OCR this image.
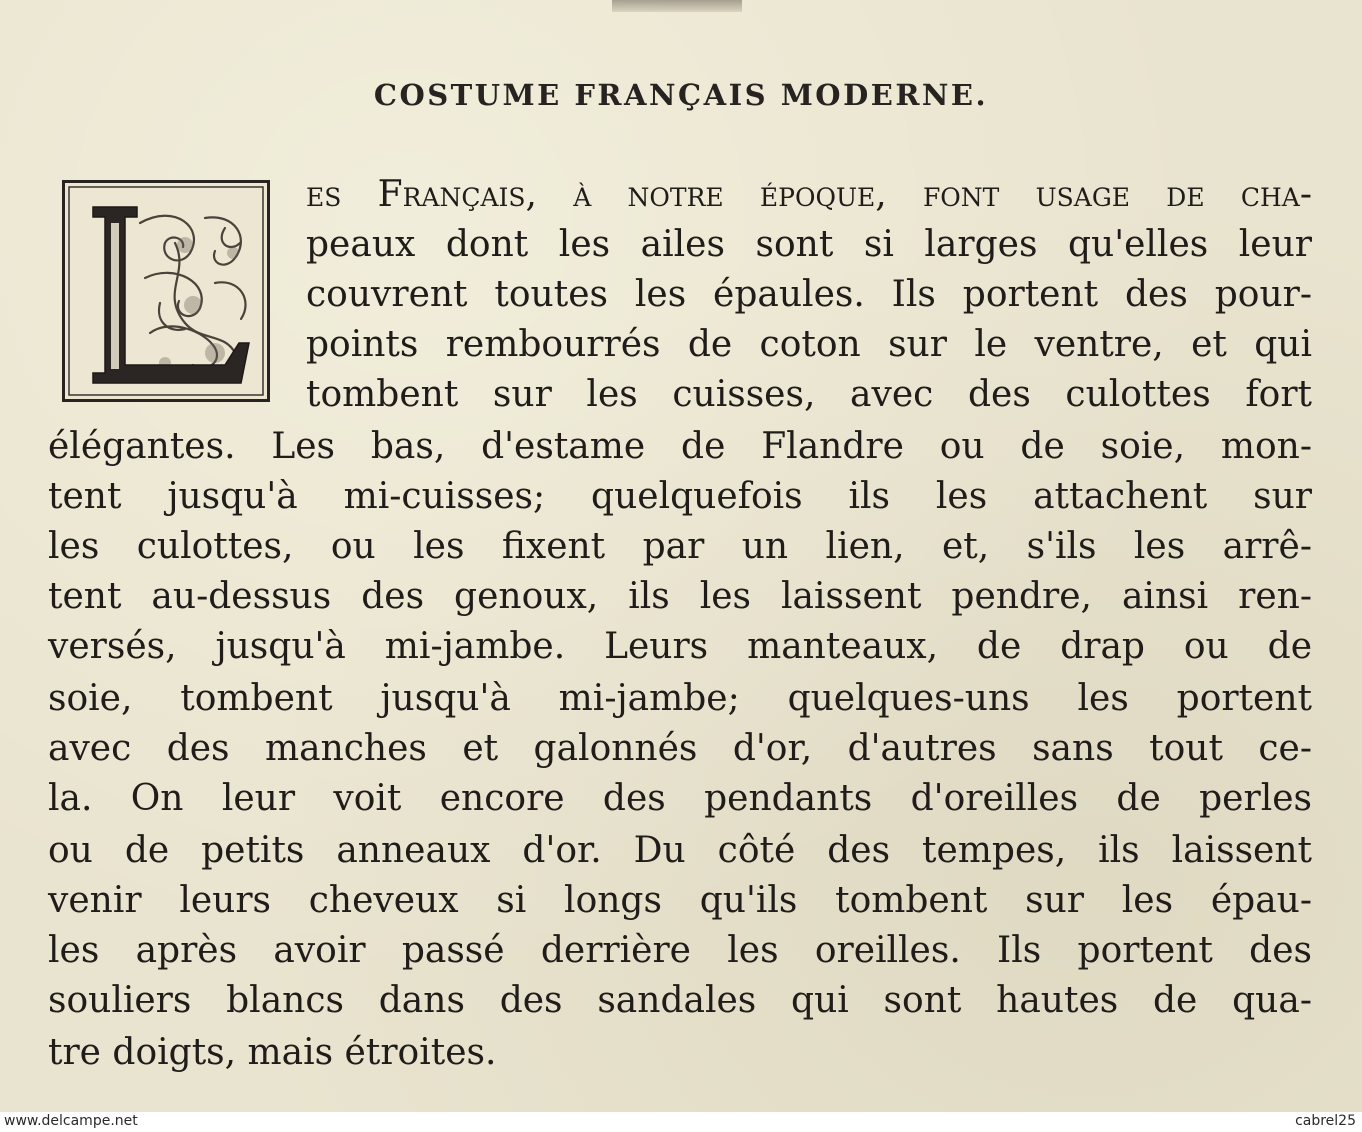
COSTUME FRANÇAIS MODERNE.
es Français, à notre époque, font usage de cha-
peaux dont les ailes sont si larges qu'elles leur
couvrent toutes les épaules. Ils portent des pour-
points rembourrés de coton sur le ventre, et qui
tombent sur les cuisses, avec des culottes fort
élégantes. Les bas, d'estame de Flandre ou de soie, mon-
tent jusqu'à mi-cuisses; quelquefois ils les attachent sur
les culottes, ou les fixent par un lien, et, s'ils les arrê-
tent au-dessus des genoux, ils les laissent pendre, ainsi ren-
versés, jusqu'à mi-jambe. Leurs manteaux, de drap ou de
soie, tombent jusqu'à mi-jambe; quelques-uns les portent
avec des manches et galonnés d'or, d'autres sans tout ce-
la. On leur voit encore des pendants d'oreilles de perles
ou de petits anneaux d'or. Du côté des tempes, ils laissent
venir leurs cheveux si longs qu'ils tombent sur les épau-
les après avoir passé derrière les oreilles. Ils portent des
souliers blancs dans des sandales qui sont hautes de qua-
tre doigts, mais étroites.
www.delcampe.net	cabrel25
